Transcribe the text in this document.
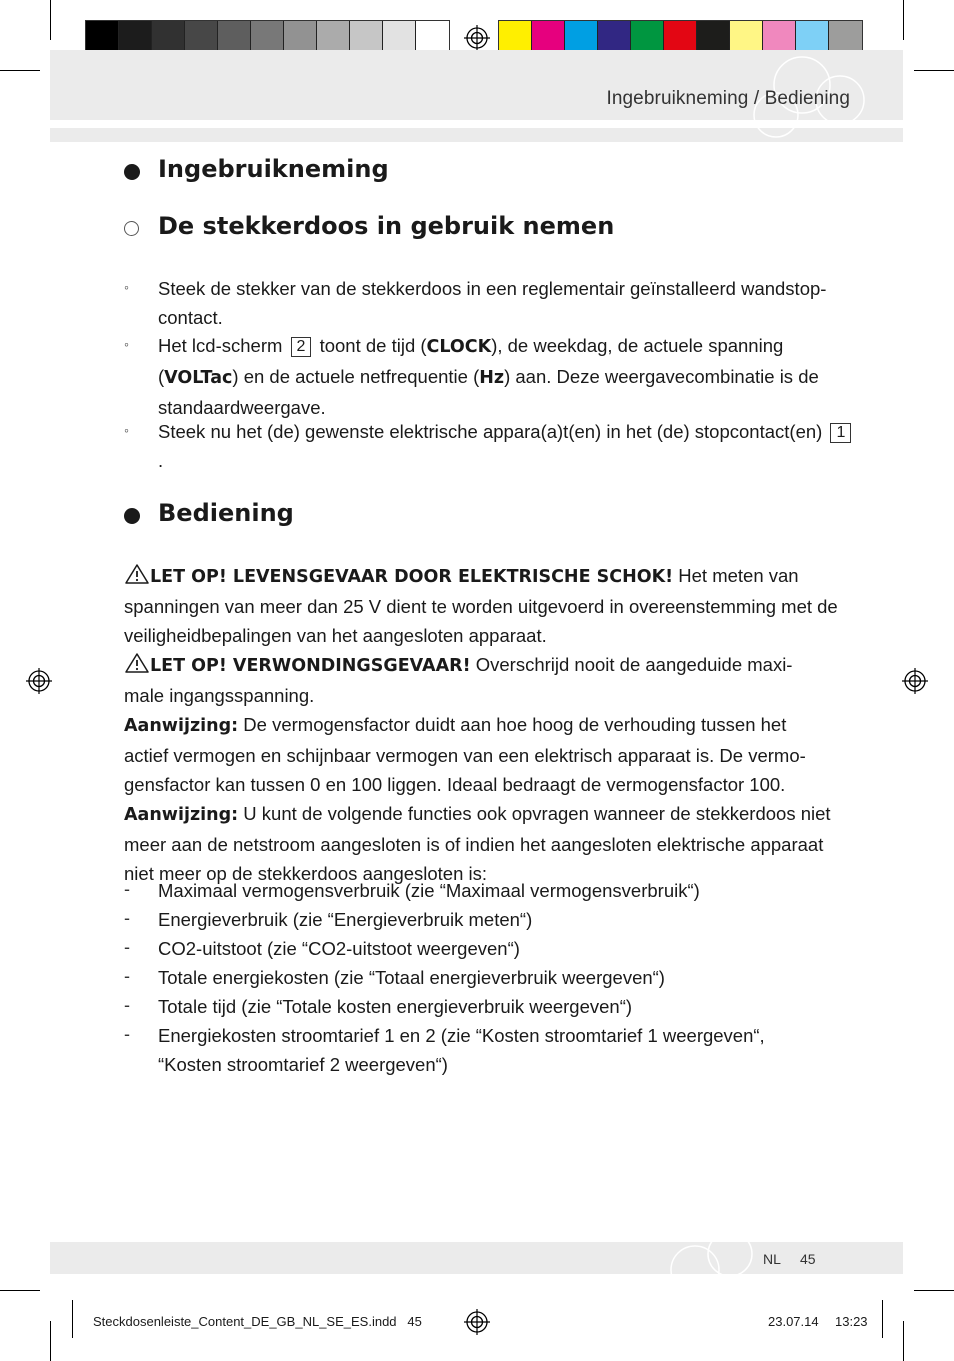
Ingebruikneming / Bediening
Ingebruikneming
De stekkerdoos in gebruik nemen
◦ Steek de stekker van de stekkerdoos in een reglementair geïnstalleerd wandstop-
contact.
◦ Het lcd-scherm 2 toont de tijd (CLOCK), de weekdag, de actuele spanning
(VOLTac) en de actuele netfrequentie (Hz) aan. Deze weergavecombinatie is de
standaardweergave.
◦ Steek nu het (de) gewenste elektrische appara(a)t(en) in het (de) stopcontact(en) 1.
Bediening
LET OP! LEVENSGEVAAR DOOR ELEKTRISCHE SCHOK! Het meten van
spanningen van meer dan 25 V dient te worden uitgevoerd in overeenstemming met de
veiligheidbepalingen van het aangesloten apparaat.
LET OP! VERWONDINGSGEVAAR! Overschrijd nooit de aangeduide maxi-
male ingangsspanning.
Aanwijzing: De vermogensfactor duidt aan hoe hoog de verhouding tussen het
actief vermogen en schijnbaar vermogen van een elektrisch apparaat is. De vermo-
gensfactor kan tussen 0 en 100 liggen. Ideaal bedraagt de vermogensfactor 100.
Aanwijzing: U kunt de volgende functies ook opvragen wanneer de stekkerdoos niet
meer aan de netstroom aangesloten is of indien het aangesloten elektrische apparaat
niet meer op de stekkerdoos aangesloten is:
- Maximaal vermogensverbruik (zie “Maximaal vermogensverbruik“)
- Energieverbruik (zie “Energieverbruik meten“)
- CO2-uitstoot (zie “CO2-uitstoot weergeven“)
- Totale energiekosten (zie “Totaal energieverbruik weergeven“)
- Totale tijd (zie “Totale kosten energieverbruik weergeven“)
- Energiekosten stroomtarief 1 en 2 (zie “Kosten stroomtarief 1 weergeven“,
“Kosten stroomtarief 2 weergeven“)
NL 45
Steckdosenleiste_Content_DE_GB_NL_SE_ES.indd   45	23.07.14 13:23
